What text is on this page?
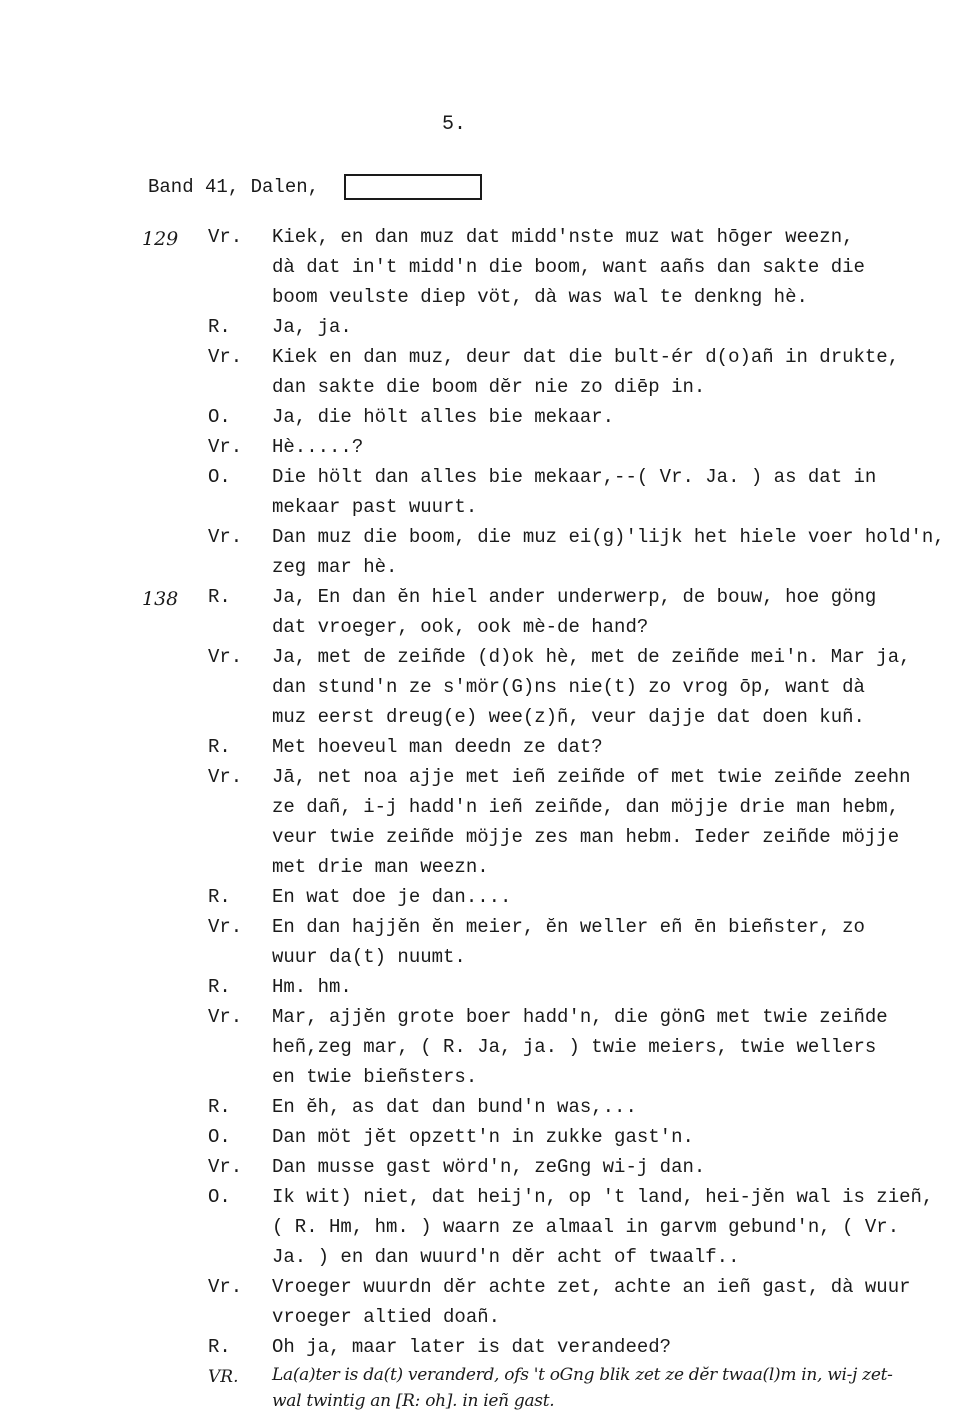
5.
Band 41, Dalen,
129 Vr.	Kiek, en dan muz dat midd'nste muz wat hōger weezn,
dà dat in't midd'n die boom, want aañs dan sakte die
boom veulste diep vöt, dà was wal te denkng hè.
R.	Ja, ja.
Vr.	Kiek en dan muz, deur dat die bult-ér d(o)añ in drukte,
dan sakte die boom dĕr nie zo diēp in.
O.	Ja, die hölt alles bie mekaar.
Vr.	Hè.....?
O.	Die hölt dan alles bie mekaar,--( Vr. Ja. ) as dat in
mekaar past wuurt.
Vr.	Dan muz die boom, die muz ei(g)'lijk het hiele voer hold'n,
zeg mar hè.
138 R.	Ja, En dan ĕn hiel ander underwerp, de bouw, hoe göng
dat vroeger, ook, ook mè-de hand?
Vr.	Ja, met de zeiñde (d)ok hè, met de zeiñde mei'n. Mar ja,
dan stund'n ze s'mör(G)ns nie(t) zo vrog ōp, want dà
muz eerst dreug(e) wee(z)ñ, veur dajje dat doen kuñ.
R.	Met hoeveul man deedn ze dat?
Vr.	Jā, net noa ajje met ieñ zeiñde of met twie zeiñde zeehn
ze dañ, i-j hadd'n ieñ zeiñde, dan möjje drie man hebm,
veur twie zeiñde möjje zes man hebm. Ieder zeiñde möjje
met drie man weezn.
R.	En wat doe je dan....
Vr.	En dan hajjĕn ĕn meier, ĕn weller eñ ēn bieñster, zo
wuur da(t) nuumt.
R.	Hm. hm.
Vr.	Mar, ajjĕn grote boer hadd'n, die gönG met twie zeiñde
heñ,zeg mar, ( R. Ja, ja. ) twie meiers, twie wellers
en twie bieñsters.
R.	En ĕh, as dat dan bund'n was,...
O.	Dan möt jĕt opzett'n in zukke gast'n.
Vr.	Dan musse gast wörd'n, zeGng wi-j dan.
O.	Ik wit) niet, dat heij'n, op 't land, hei-jĕn wal is zieñ,
( R. Hm, hm. ) waarn ze almaal in garvm gebund'n, ( Vr.
Ja. ) en dan wuurd'n dĕr acht of twaalf..
Vr.	Vroeger wuurdn dĕr achte zet, achte an ieñ gast, dà wuur
vroeger altied doañ.
R.	Oh ja, maar later is dat verandeed?
VR.	La(a)ter is da(t) veranderd, ofs 't oGng blik zet ze dĕr twaa(l)m in, wi-j zet-
wal twintig an [R: oh]. in ieñ gast.
